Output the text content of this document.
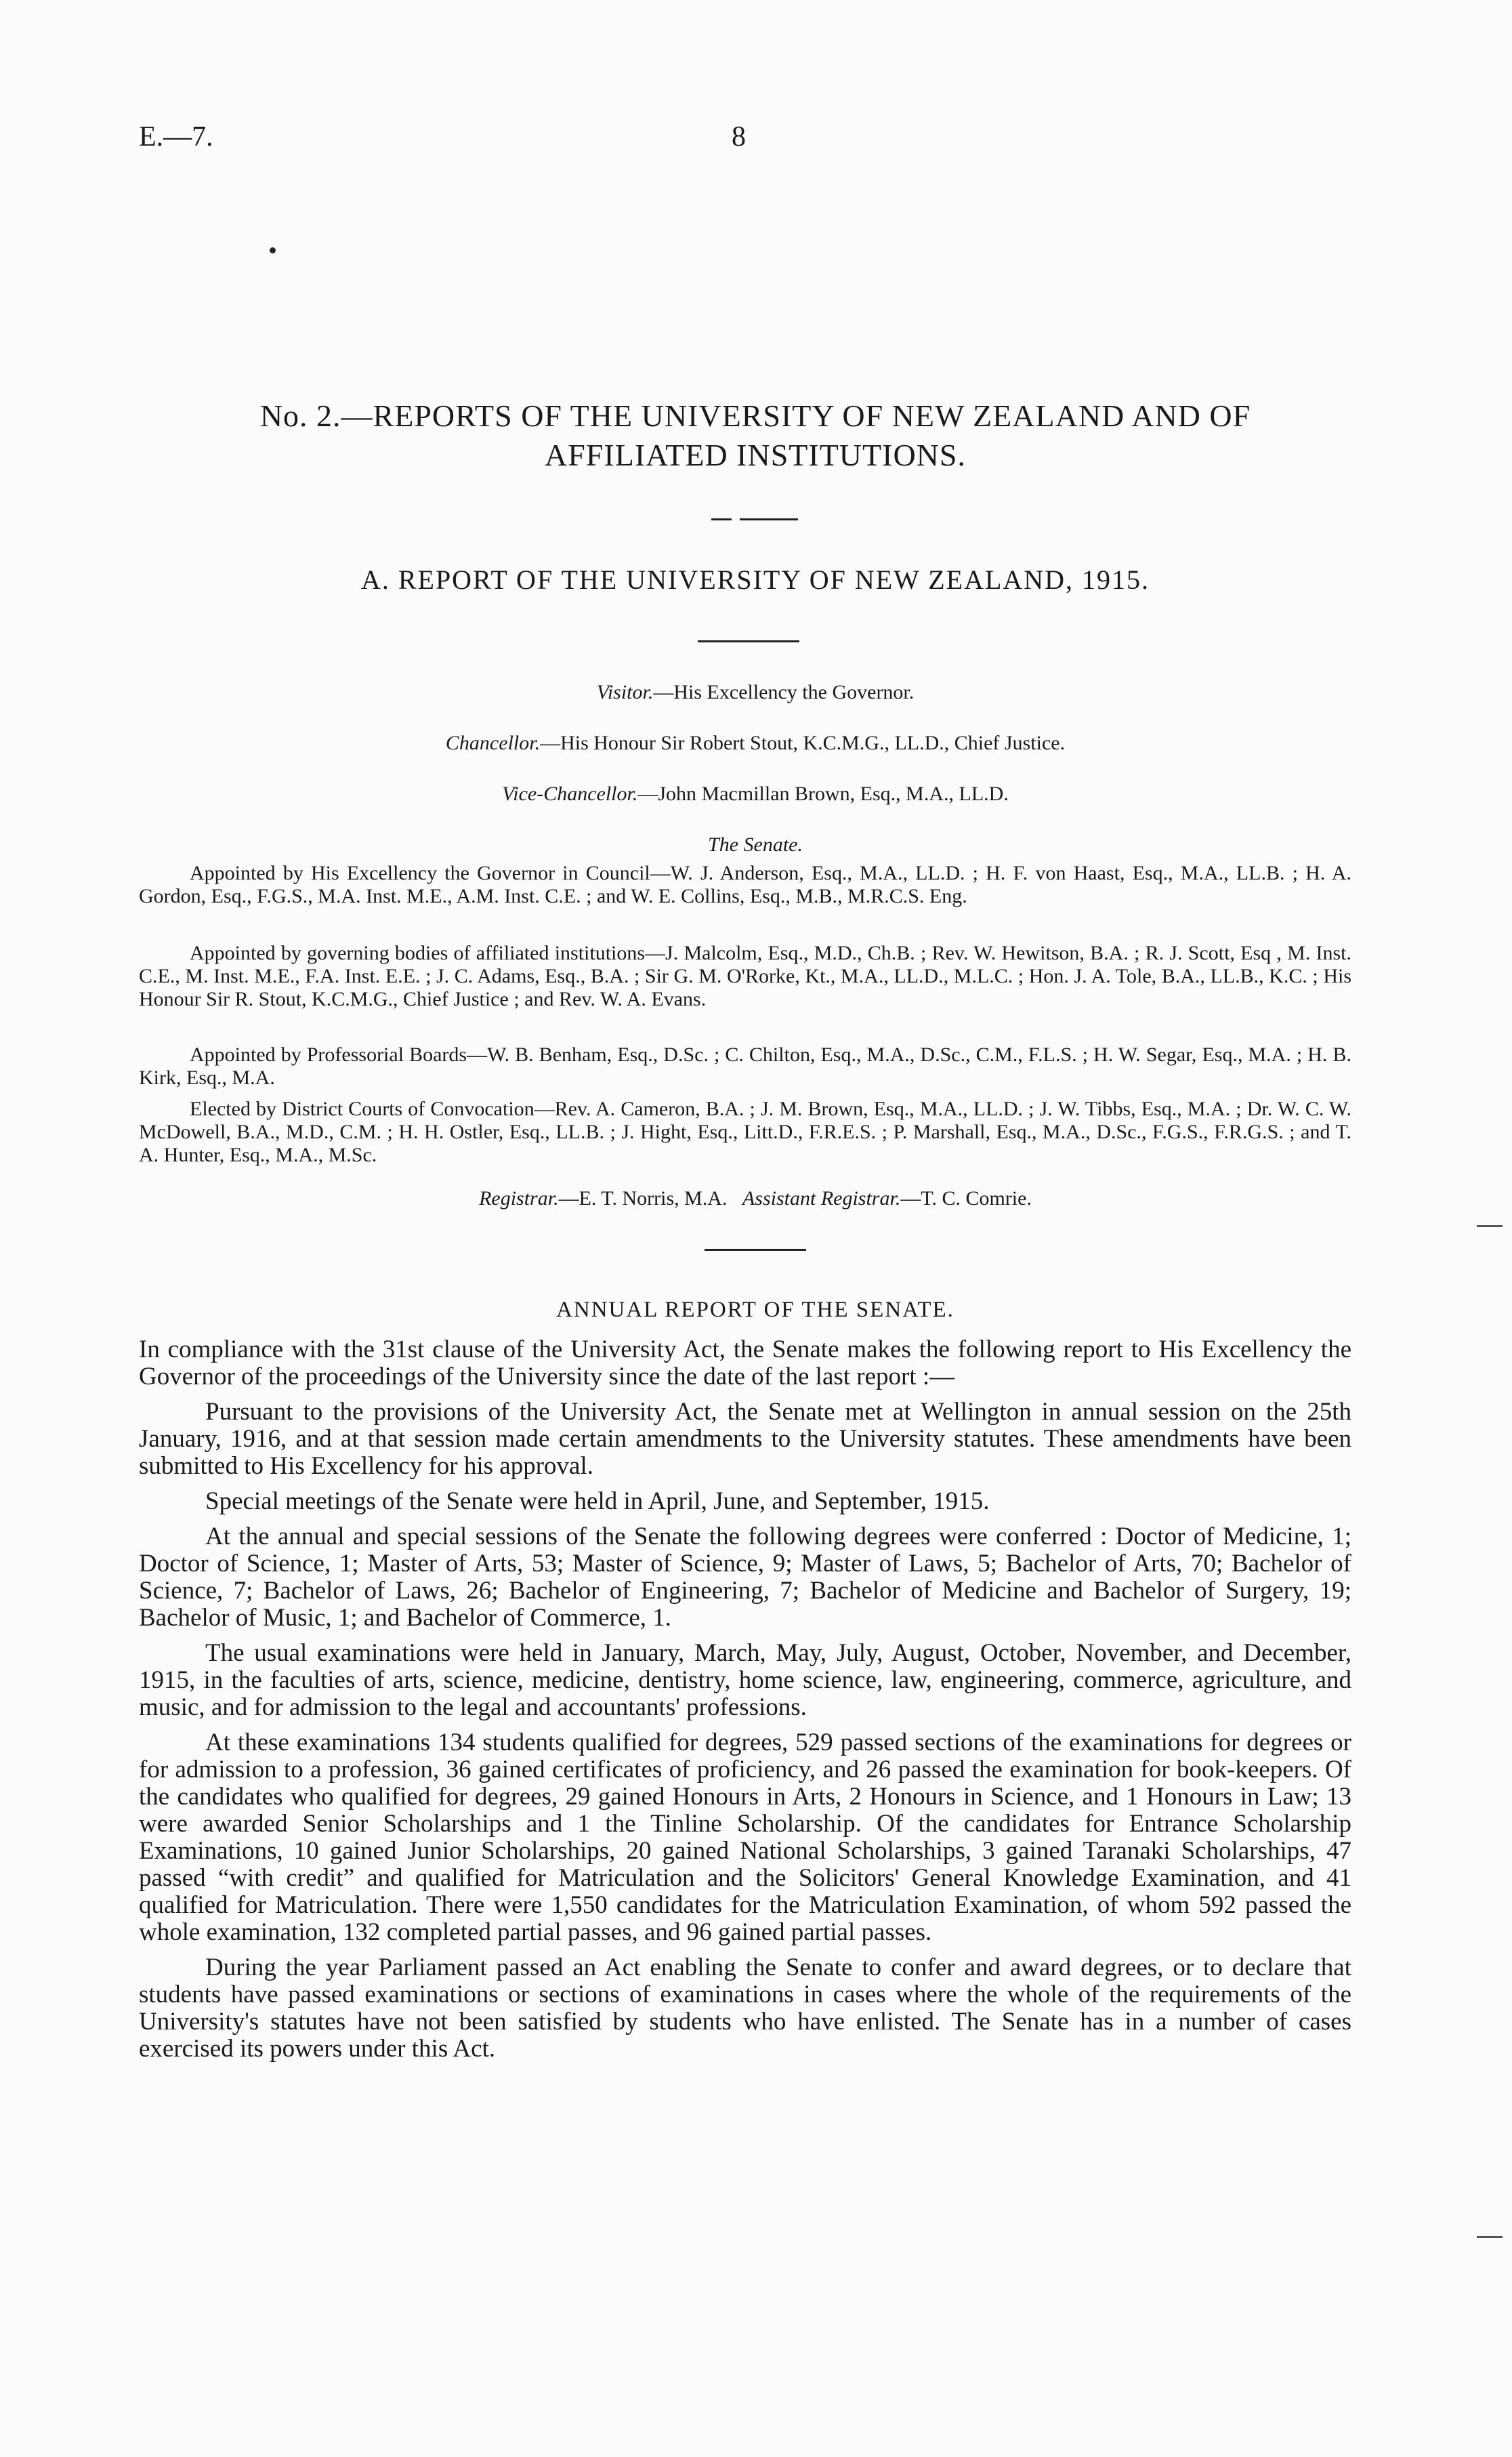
E.—7.	8
No. 2.—REPORTS OF THE UNIVERSITY OF NEW ZEALAND AND OF
AFFILIATED INSTITUTIONS.
A. REPORT OF THE UNIVERSITY OF NEW ZEALAND, 1915.
Visitor.—His Excellency the Governor.
Chancellor.—His Honour Sir Robert Stout, K.C.M.G., LL.D., Chief Justice.
Vice-Chancellor.—John Macmillan Brown, Esq., M.A., LL.D.
The Senate.
Appointed by His Excellency the Governor in Council—W. J. Anderson, Esq., M.A., LL.D. ; H. F. von Haast, Esq., M.A., LL.B. ; H. A. Gordon, Esq., F.G.S., M.A. Inst. M.E., A.M. Inst. C.E. ; and W. E. Collins, Esq., M.B., M.R.C.S. Eng.
Appointed by governing bodies of affiliated institutions—J. Malcolm, Esq., M.D., Ch.B. ; Rev. W. Hewitson, B.A. ; R. J. Scott, Esq , M. Inst. C.E., M. Inst. M.E., F.A. Inst. E.E. ; J. C. Adams, Esq., B.A. ; Sir G. M. O'Rorke, Kt., M.A., LL.D., M.L.C. ; Hon. J. A. Tole, B.A., LL.B., K.C. ; His Honour Sir R. Stout, K.C.M.G., Chief Justice ; and Rev. W. A. Evans.
Appointed by Professorial Boards—W. B. Benham, Esq., D.Sc. ; C. Chilton, Esq., M.A., D.Sc., C.M., F.L.S. ; H. W. Segar, Esq., M.A. ; H. B. Kirk, Esq., M.A.
Elected by District Courts of Convocation—Rev. A. Cameron, B.A. ; J. M. Brown, Esq., M.A., LL.D. ; J. W. Tibbs, Esq., M.A. ; Dr. W. C. W. McDowell, B.A., M.D., C.M. ; H. H. Ostler, Esq., LL.B. ; J. Hight, Esq., Litt.D., F.R.E.S. ; P. Marshall, Esq., M.A., D.Sc., F.G.S., F.R.G.S. ; and T. A. Hunter, Esq., M.A., M.Sc.
Registrar.—E. T. Norris, M.A. Assistant Registrar.—T. C. Comrie.
ANNUAL REPORT OF THE SENATE.

In compliance with the 31st clause of the University Act, the Senate makes the following report to His Excellency the Governor of the proceedings of the University since the date of the last report :—

Pursuant to the provisions of the University Act, the Senate met at Wellington in annual session on the 25th January, 1916, and at that session made certain amendments to the University statutes. These amendments have been submitted to His Excellency for his approval.

Special meetings of the Senate were held in April, June, and September, 1915.

At the annual and special sessions of the Senate the following degrees were conferred : Doctor of Medicine, 1; Doctor of Science, 1; Master of Arts, 53; Master of Science, 9; Master of Laws, 5; Bachelor of Arts, 70; Bachelor of Science, 7; Bachelor of Laws, 26; Bachelor of Engineering, 7; Bachelor of Medicine and Bachelor of Surgery, 19; Bachelor of Music, 1; and Bachelor of Commerce, 1.

The usual examinations were held in January, March, May, July, August, October, November, and December, 1915, in the faculties of arts, science, medicine, dentistry, home science, law, engineering, commerce, agriculture, and music, and for admission to the legal and accountants' professions.

At these examinations 134 students qualified for degrees, 529 passed sections of the examinations for degrees or for admission to a profession, 36 gained certificates of proficiency, and 26 passed the examination for book-keepers. Of the candidates who qualified for degrees, 29 gained Honours in Arts, 2 Honours in Science, and 1 Honours in Law; 13 were awarded Senior Scholarships and 1 the Tinline Scholarship. Of the candidates for Entrance Scholarship Examinations, 10 gained Junior Scholarships, 20 gained National Scholarships, 3 gained Taranaki Scholarships, 47 passed “with credit” and qualified for Matriculation and the Solicitors' General Knowledge Examination, and 41 qualified for Matriculation. There were 1,550 candidates for the Matriculation Examination, of whom 592 passed the whole examination, 132 completed partial passes, and 96 gained partial passes.

During the year Parliament passed an Act enabling the Senate to confer and award degrees, or to declare that students have passed examinations or sections of examinations in cases where the whole of the requirements of the University's statutes have not been satisfied by students who have enlisted. The Senate has in a number of cases exercised its powers under this Act.
